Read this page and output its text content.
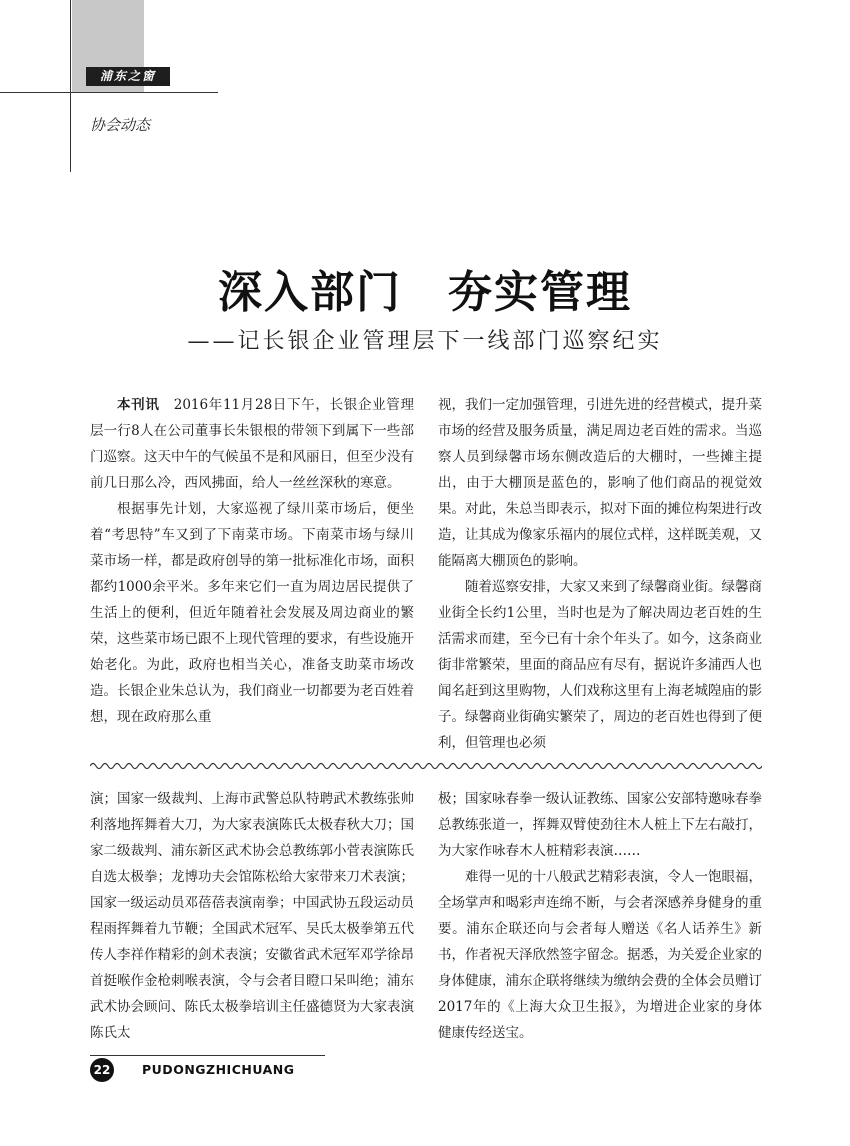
浦东之窗
协会动态
深入部门　夯实管理
——记长银企业管理层下一线部门巡察纪实

本刊讯　2016年11月28日下午，长银企业管理层一行8人在公司董事长朱银根的带领下到属下一些部门巡察。这天中午的气候虽不是和风丽日，但至少没有前几日那么冷，西风拂面，给人一丝丝深秋的寒意。

根据事先计划，大家巡视了绿川菜市场后，便坐着“考思特”车又到了下南菜市场。下南菜市场与绿川菜市场一样，都是政府创导的第一批标准化市场，面积都约1000余平米。多年来它们一直为周边居民提供了生活上的便利，但近年随着社会发展及周边商业的繁荣，这些菜市场已跟不上现代管理的要求，有些设施开始老化。为此，政府也相当关心，准备支助菜市场改造。长银企业朱总认为，我们商业一切都要为老百姓着想，现在政府那么重

视，我们一定加强管理，引进先进的经营模式，提升菜市场的经营及服务质量，满足周边老百姓的需求。当巡察人员到绿馨市场东侧改造后的大棚时，一些摊主提出，由于大棚顶是蓝色的，影响了他们商品的视觉效果。对此，朱总当即表示，拟对下面的摊位构架进行改造，让其成为像家乐福内的展位式样，这样既美观，又能隔离大棚顶色的影响。

随着巡察安排，大家又来到了绿馨商业街。绿馨商业街全长约1公里，当时也是为了解决周边老百姓的生活需求而建，至今已有十余个年头了。如今，这条商业街非常繁荣，里面的商品应有尽有，据说许多浦西人也闻名赶到这里购物，人们戏称这里有上海老城隍庙的影子。绿馨商业街确实繁荣了，周边的老百姓也得到了便利，但管理也必须

演；国家一级裁判、上海市武警总队特聘武术教练张帅利落地挥舞着大刀，为大家表演陈氏太极春秋大刀；国家二级裁判、浦东新区武术协会总教练郭小菅表演陈氏自选太极拳；龙博功夫会馆陈松给大家带来刀术表演；国家一级运动员邓蓓蓓表演南拳；中国武协五段运动员程雨挥舞着九节鞭；全国武术冠军、吴氏太极拳第五代传人李祥作精彩的剑术表演；安徽省武术冠军邓学徐昂首挺喉作金枪刺喉表演，令与会者目瞪口呆叫绝；浦东武术协会顾问、陈氏太极拳培训主任盛德贤为大家表演陈氏太

极；国家咏春拳一级认证教练、国家公安部特邀咏春拳总教练张道一，挥舞双臂使劲往木人桩上下左右敲打，为大家作咏春木人桩精彩表演……

难得一见的十八般武艺精彩表演，令人一饱眼福，全场掌声和喝彩声连绵不断，与会者深感养身健身的重要。浦东企联还向与会者每人赠送《名人话养生》新书，作者祝天泽欣然签字留念。据悉，为关爱企业家的身体健康，浦东企联将继续为缴纳会费的全体会员赠订2017年的《上海大众卫生报》，为增进企业家的身体健康传经送宝。

22	PUDONGZHICHUANG
